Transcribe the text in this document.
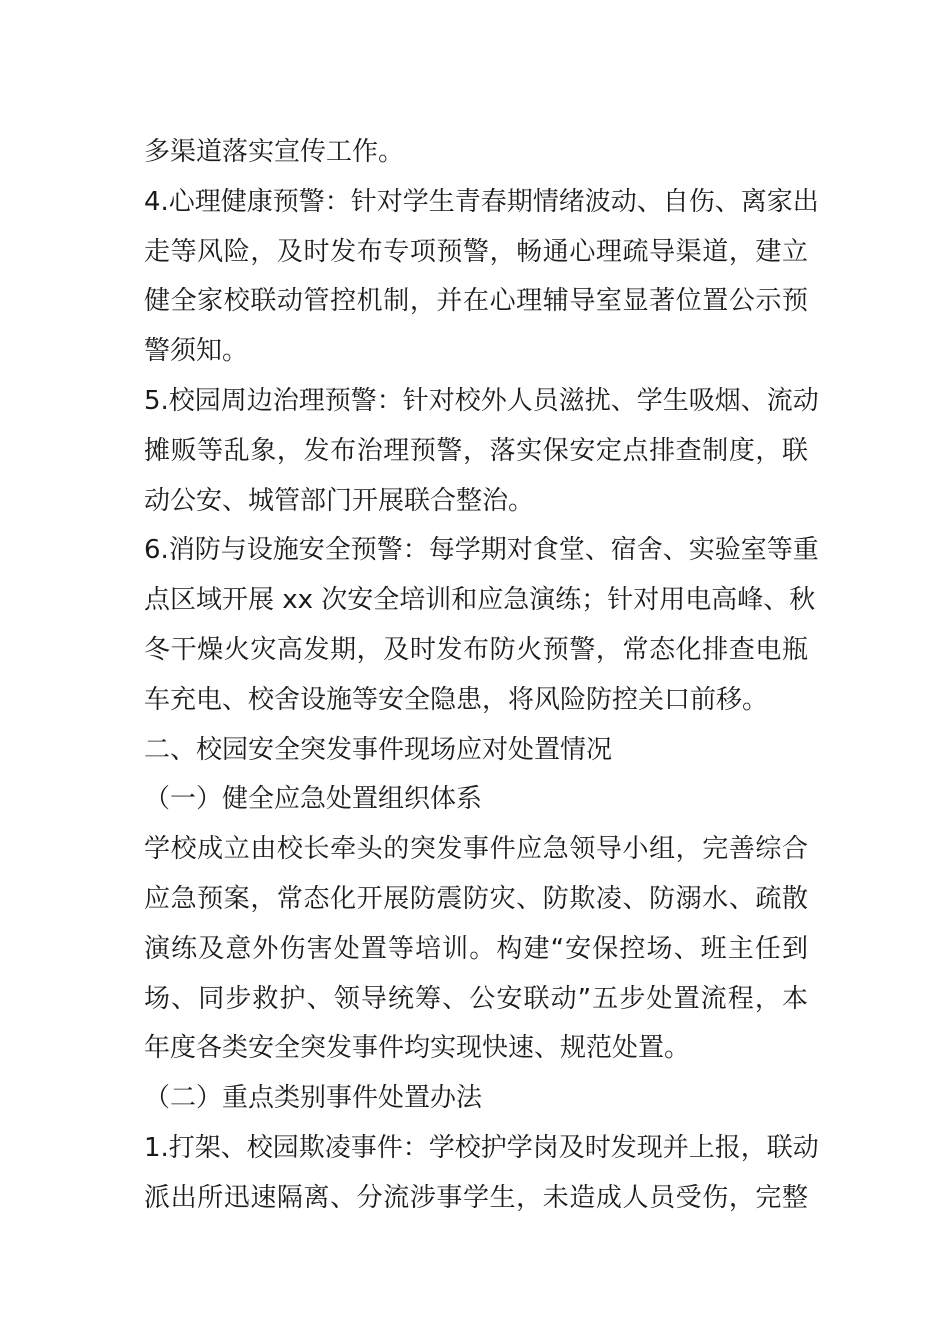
多渠道落实宣传工作。
4.心理健康预警：针对学生青春期情绪波动、自伤、离家出
走等风险，及时发布专项预警，畅通心理疏导渠道，建立
健全家校联动管控机制，并在心理辅导室显著位置公示预
警须知。
5.校园周边治理预警：针对校外人员滋扰、学生吸烟、流动
摊贩等乱象，发布治理预警，落实保安定点排查制度，联
动公安、城管部门开展联合整治。
6.消防与设施安全预警：每学期对食堂、宿舍、实验室等重
点区域开展 xx 次安全培训和应急演练；针对用电高峰、秋
冬干燥火灾高发期，及时发布防火预警，常态化排查电瓶
车充电、校舍设施等安全隐患，将风险防控关口前移。
二、校园安全突发事件现场应对处置情况
（一）健全应急处置组织体系
学校成立由校长牵头的突发事件应急领导小组，完善综合
应急预案，常态化开展防震防灾、防欺凌、防溺水、疏散
演练及意外伤害处置等培训。构建“安保控场、班主任到
场、同步救护、领导统筹、公安联动”五步处置流程，本
年度各类安全突发事件均实现快速、规范处置。
（二）重点类别事件处置办法
1.打架、校园欺凌事件：学校护学岗及时发现并上报，联动
派出所迅速隔离、分流涉事学生，未造成人员受伤，完整
